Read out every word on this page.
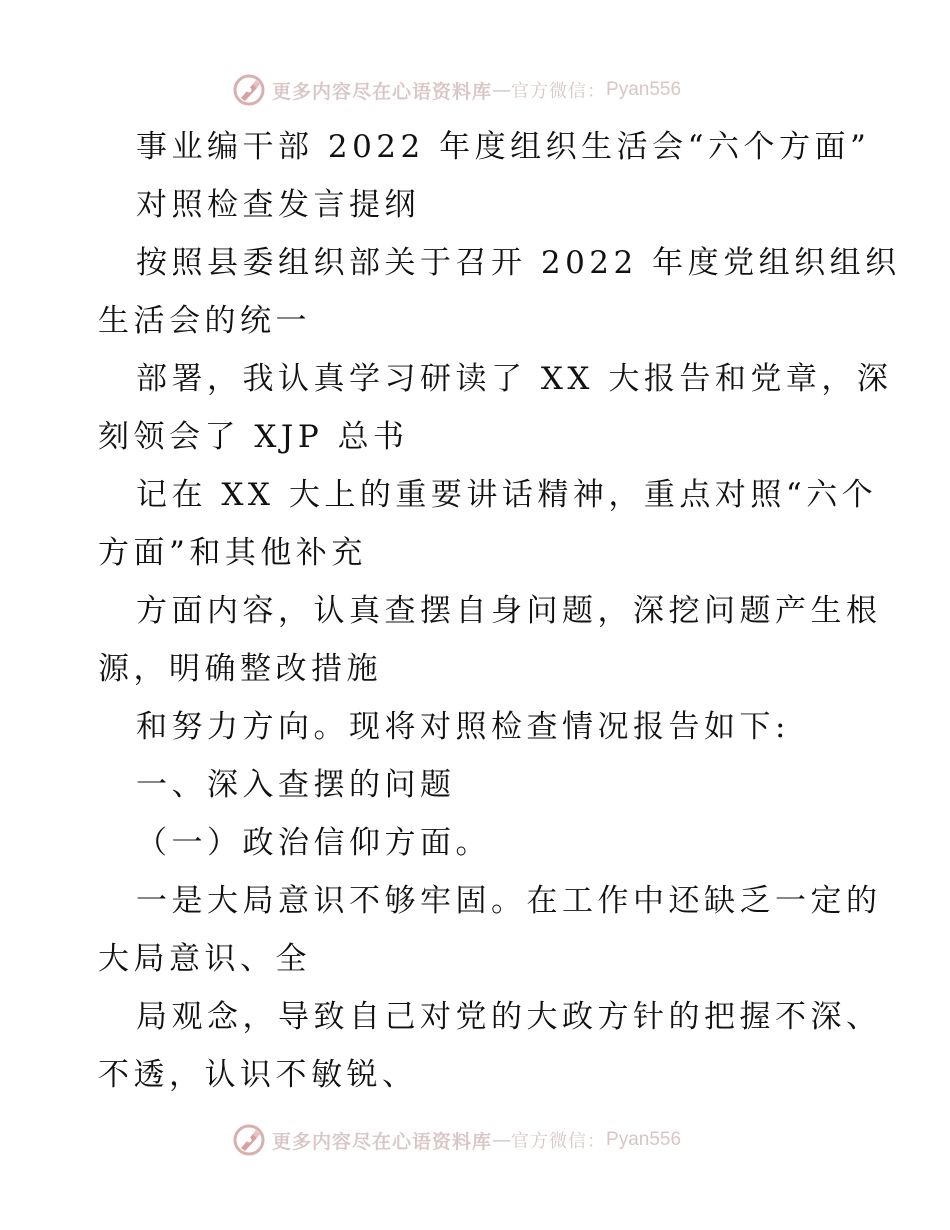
更多内容尽在心语资料库 — 官方微信： Pyan556
事业编干部 2022 年度组织生活会“六个方面”
对照检查发言提纲
按照县委组织部关于召开 2022 年度党组织组织
生活会的统一
部署，我认真学习研读了 XX 大报告和党章，深
刻领会了 XJP 总书
记在 XX 大上的重要讲话精神，重点对照“六个
方面”和其他补充
方面内容，认真查摆自身问题，深挖问题产生根
源，明确整改措施
和努力方向。现将对照检查情况报告如下:
一、深入查摆的问题
（一）政治信仰方面。
一是大局意识不够牢固。在工作中还缺乏一定的
大局意识、全
局观念，导致自己对党的大政方针的把握不深、
不透，认识不敏锐、
更多内容尽在心语资料库 — 官方微信： Pyan556
